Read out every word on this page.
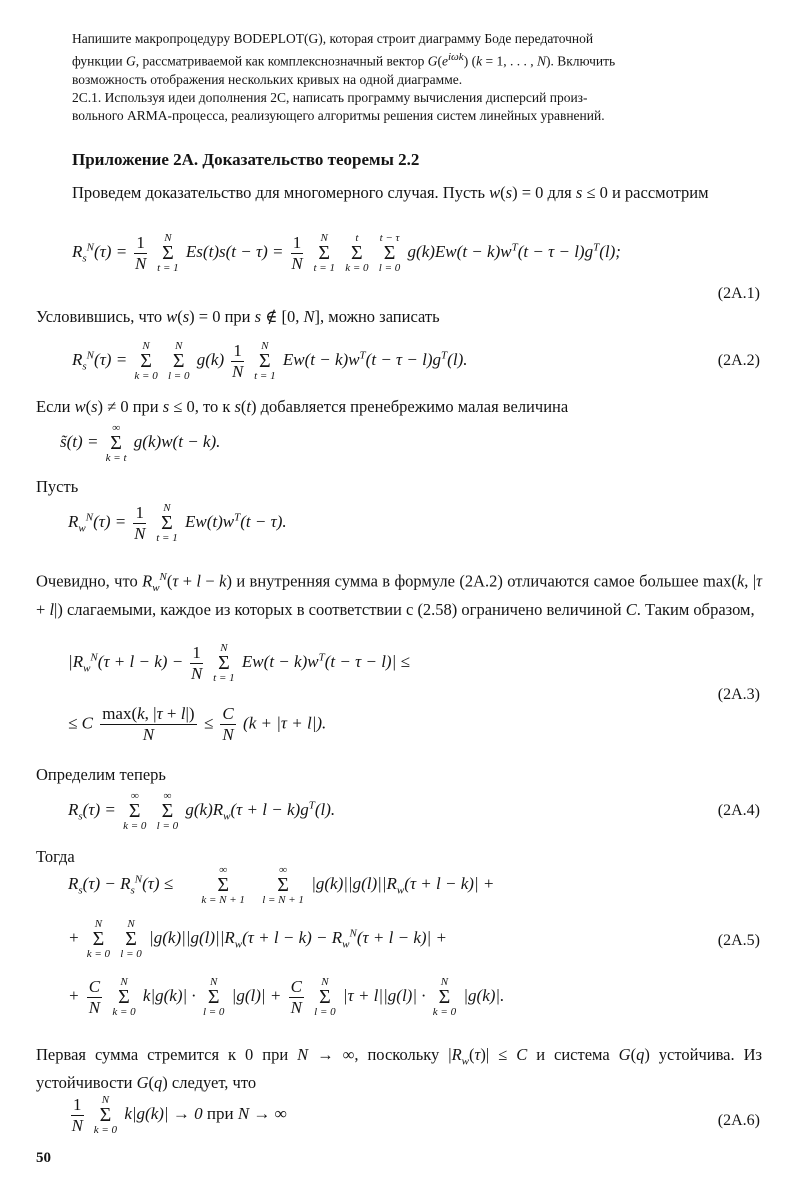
Напишите макропроцедуру BODEPLOT(G), которая строит диаграмму Боде передаточной
функции G, рассматриваемой как комплекснозначный вектор $G(e^{i\omega k}) (k = 1$, . . . , N). Включить
возможность отображения нескольких кривых на одной диаграмме.
2С.1. Используя идеи дополнения 2С, написать программу вычисления дисперсий произ-
вольного ARMA-процесса, реализующего алгоритмы решения систем линейных уравнений.
Приложение 2А. Доказательство теоремы 2.2
Проведем доказательство для многомерного случая. Пусть w(s) = 0 для s ≤ 0 и рассмотрим
$R_s^N(\tau) = \frac{1}{N}$
	N
Σ
t = 1
$Es(t)s(t - \tau) = \frac{1}{N}$
	N
Σ
t = 1

t
Σ
k = 0

t − τ
Σ
l = 0
$g(k)Ew(t - k)w^T(t - \tau - l)g^T(l)$;
(2А.1)
Условившись, что w(s) = 0 при s ∉ [0, N], можно записать
$R_s^N(\tau)$ =
N
Σ
k = 0

N
Σ
l = 0
$g(k) \frac{1}{N}$
	N
Σ
t = 1
$Ew(t - k)w^T(t - \tau - l)g^T(l)$.	(2А.2)
Если w(s) ≠ 0 при s ≤ 0, то к s(t) добавляется пренебрежимо малая величина
s̃(t) =
∞
Σ
k = t
g(k)w(t − k).
Пусть
$R_w^N(\tau) = \frac{1}{N}$
	N
Σ
t = 1
$Ew(t)w^T(t - \tau)$.
Очевидно, что $R_w^N(\tau + l - k)$ и внутренняя сумма в формуле (2А.2) отличаются самое большее max(k, |τ + l|) слагаемыми, каждое из которых в соответствии с (2.58) ограничено величиной C. Таким образом,
$|R_w^N(\tau + l - k) - \frac{1}{N}$
	N
Σ
t = 1
$Ew(t - k)w^T(t - \tau - l)|$ ≤
(2А.3)
≤ C $\frac{\max(k, |\tau + l|)}{N} \le \frac{C}{N} (k + |\tau + l|)$.
Определим теперь
$R_s(\tau)$ =
∞
Σ
k = 0

∞
Σ
l = 0
$g(k)R_w(\tau + l - k)g^T(l)$.	(2А.4)
Тогда
$R_s(\tau) - R_s^N(\tau)$ ≤
∞
Σ
k = N + 1

∞
Σ
l = N + 1
$|g(k)||g(l)||R_w(\tau + l - k)|$ +
+
N
Σ
k = 0

N
Σ
l = 0
$|g(k)||g(l)||R_w(\tau + l - k) - R_w^N(\tau + l - k)|$ +	(2А.5)
+ $\frac{C}{N}$
	N
Σ
k = 0
k|g(k)| ·
N
Σ
l = 0
$|g(l)| + \frac{C}{N}$
	N
Σ
l = 0
|τ + l||g(l)| ·
N
Σ
k = 0
|g(k)|.
Первая сумма стремится к 0 при N → ∞, поскольку $|R_w(\tau)| \le C$ и система G(q) устойчива. Из устойчивости G(q) следует, что
$\frac{1}{N}$
	N
Σ
k = 0
k|g(k)| → 0 при N → ∞	(2А.6)
50
